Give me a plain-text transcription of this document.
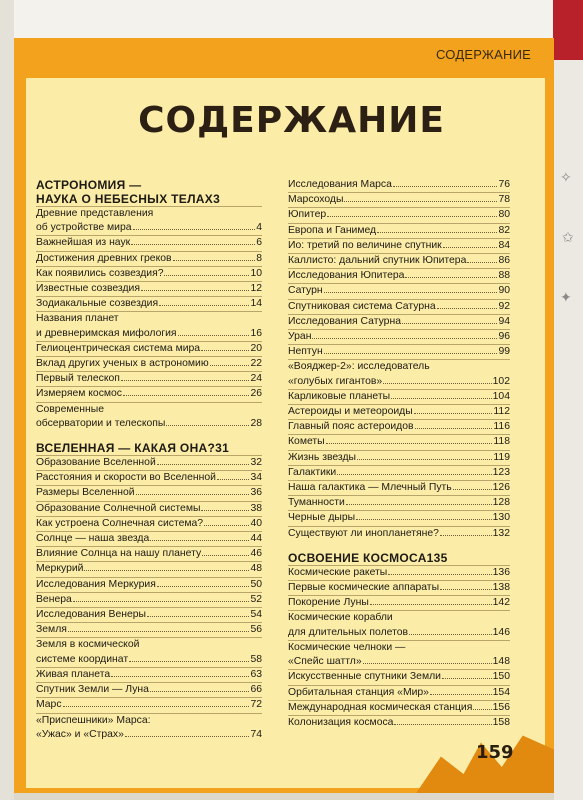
✧
✩
✦
СОДЕРЖАНИЕ
СОДЕРЖАНИЕ
АСТРОНОМИЯ —
НАУКА О НЕБЕСНЫХ ТЕЛАХ 3
Древние представления
об устройстве мира	4
Важнейшая из наук	6
Достижения древних греков	8
Как появились созвездия?	10
Известные созвездия	12
Зодиакальные созвездия	14
Названия планет
и древнеримская мифология	16
Гелиоцентрическая система мира	20
Вклад других ученых в астрономию	22
Первый телескоп	24
Измеряем космос	26
Современные
обсерватории и телескопы	28
ВСЕЛЕННАЯ — КАКАЯ ОНА? 31
Образование Вселенной	32
Расстояния и скорости во Вселенной	34
Размеры Вселенной	36
Образование Солнечной системы	38
Как устроена Солнечная система?	40
Солнце — наша звезда	44
Влияние Солнца на нашу планету	46
Меркурий	48
Исследования Меркурия	50
Венера	52
Исследования Венеры	54
Земля	56
Земля в космической
системе координат	58
Живая планета	63
Спутник Земли — Луна	66
Марс	72
«Приспешники» Марса:
«Ужас» и «Страх»	74
Исследования Марса	76
Марсоходы	78
Юпитер	80
Европа и Ганимед	82
Ио: третий по величине спутник	84
Каллисто: дальний спутник Юпитера	86
Исследования Юпитера	88
Сатурн	90
Спутниковая система Сатурна	92
Исследования Сатурна	94
Уран	96
Нептун	99
«Вояджер-2»: исследователь
«голубых гигантов»	102
Карликовые планеты	104
Астероиды и метеороиды	112
Главный пояс астероидов	116
Кометы	118
Жизнь звезды	119
Галактики	123
Наша галактика — Млечный Путь	126
Туманности	128
Черные дыры	130
Существуют ли инопланетяне?	132
ОСВОЕНИЕ КОСМОСА 135
Космические ракеты	136
Первые космические аппараты	138
Покорение Луны	142
Космические корабли
для длительных полетов	146
Космические челноки —
«Спейс шаттл»	148
Искусственные спутники Земли	150
Орбитальная станция «Мир»	154
Международная космическая станция 156
Колонизация космоса	158
159
